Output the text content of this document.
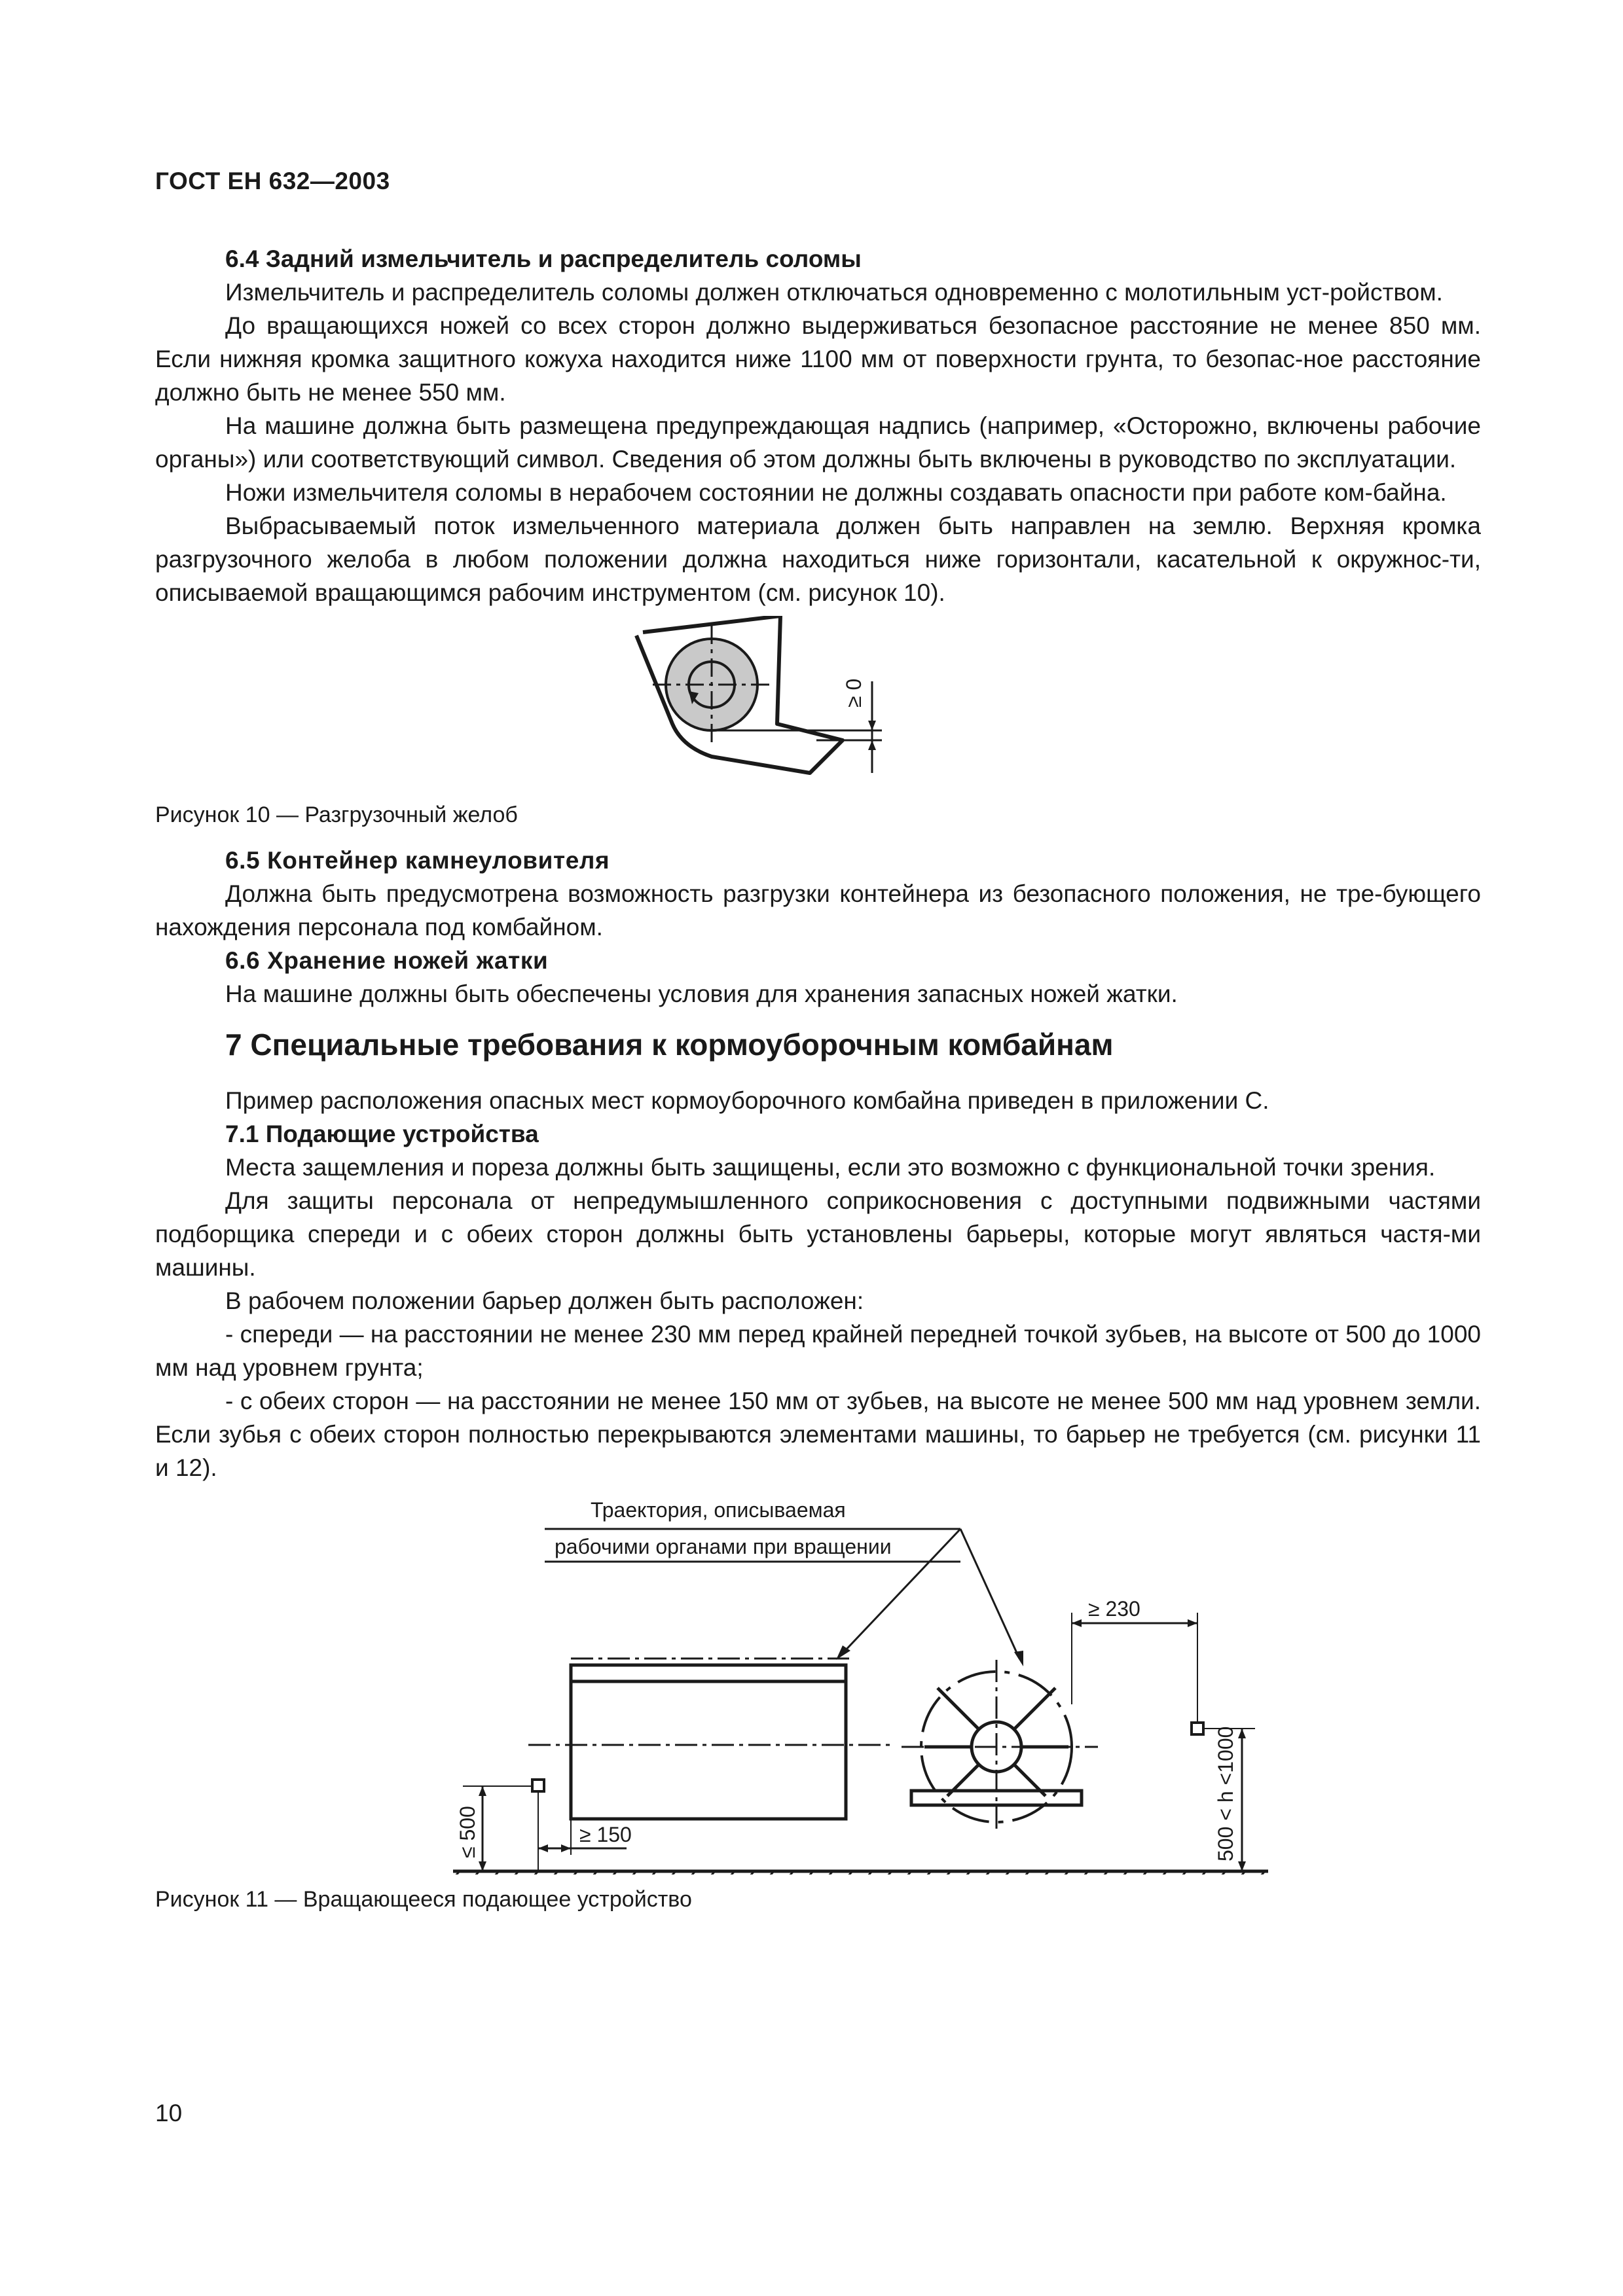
ГОСТ ЕН 632—2003
6.4 Задний измельчитель и распределитель соломы

Измельчитель и распределитель соломы должен отключаться одновременно с молотильным уст-ройством.

До вращающихся ножей со всех сторон должно выдерживаться безопасное расстояние не менее 850 мм. Если нижняя кромка защитного кожуха находится ниже 1100 мм от поверхности грунта, то безопас-ное расстояние должно быть не менее 550 мм.

На машине должна быть размещена предупреждающая надпись (например, «Осторожно, включены рабочие органы») или соответствующий символ. Сведения об этом должны быть включены в руководство по эксплуатации.

Ножи измельчителя соломы в нерабочем состоянии не должны создавать опасности при работе ком-байна.

Выбрасываемый поток измельченного материала должен быть направлен на землю. Верхняя кромка разгрузочного желоба в любом положении должна находиться ниже горизонтали, касательной к окружнос-ти, описываемой вращающимся рабочим инструментом (см. рисунок 10).

≥ 0

Рисунок 10 — Разгрузочный желоб

6.5 Контейнер камнеуловителя

Должна быть предусмотрена возможность разгрузки контейнера из безопасного положения, не тре-бующего нахождения персонала под комбайном.

6.6 Хранение ножей жатки

На машине должны быть обеспечены условия для хранения запасных ножей жатки.

7 Специальные требования к кормоуборочным комбайнам

Пример расположения опасных мест кормоуборочного комбайна приведен в приложении С.

7.1 Подающие устройства

Места защемления и пореза должны быть защищены, если это возможно с функциональной точки зрения.

Для защиты персонала от непредумышленного соприкосновения с доступными подвижными частями подборщика спереди и с обеих сторон должны быть установлены барьеры, которые могут являться частя-ми машины.

В рабочем положении барьер должен быть расположен:

- спереди — на расстоянии не менее 230 мм перед крайней передней точкой зубьев, на высоте от 500 до 1000 мм над уровнем грунта;

- с обеих сторон — на расстоянии не менее 150 мм от зубьев, на высоте не менее 500 мм над уровнем земли. Если зубья с обеих сторон полностью перекрываются элементами машины, то барьер не требуется (см. рисунки 11 и 12).

Траектория, описываемая
рабочими органами при вращении
≤ 500	≥ 150
≥ 230
500 < h <1000

Рисунок 11 — Вращающееся подающее устройство

10
